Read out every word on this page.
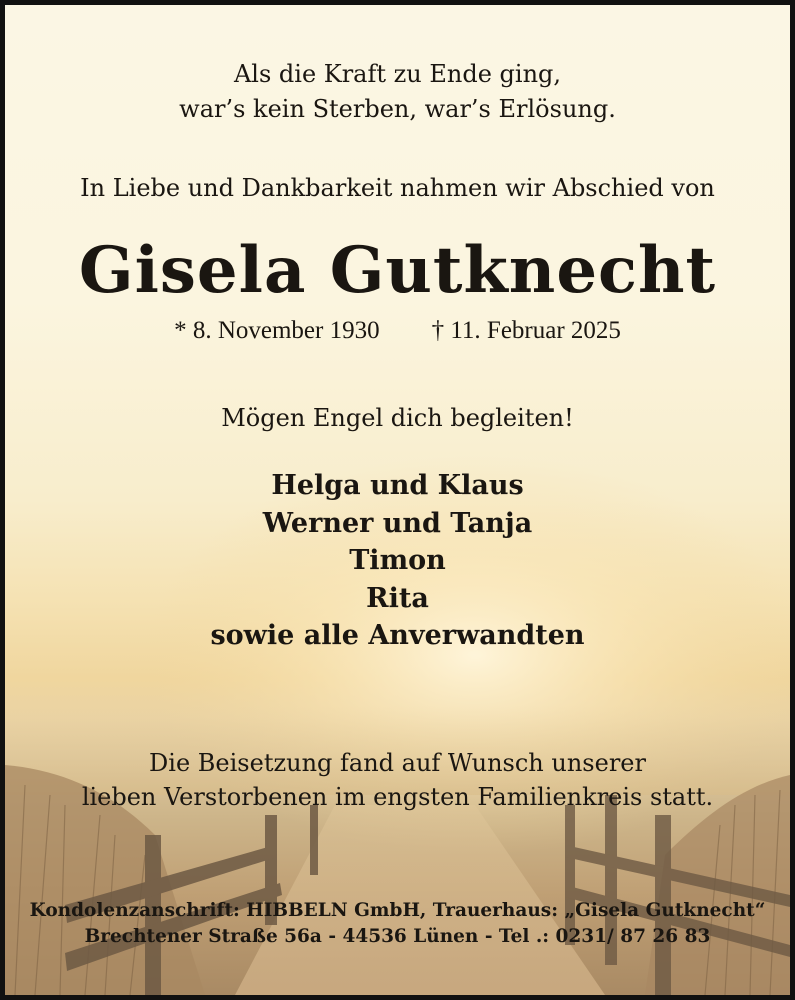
Als die Kraft zu Ende ging,
war’s kein Sterben, war’s Erlösung.
In Liebe und Dankbarkeit nahmen wir Abschied von
Gisela Gutknecht
* 8. November 1930 † 11. Februar 2025
Mögen Engel dich begleiten!
Helga und Klaus
Werner und Tanja
Timon
Rita
sowie alle Anverwandten
Die Beisetzung fand auf Wunsch unserer
lieben Verstorbenen im engsten Familienkreis statt.
Kondolenzanschrift: HIBBELN GmbH, Trauerhaus: „Gisela Gutknecht“
Brechtener Straße 56a - 44536 Lünen - Tel .: 0231/ 87 26 83
